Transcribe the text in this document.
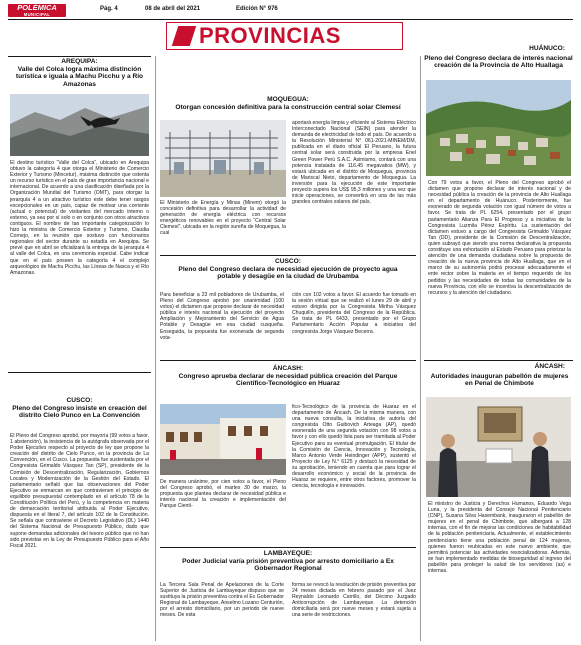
POLÉMICA
MUNICIPAL
Pág. 4	08 de abril del 2021	Edición N° 976
PROVINCIAS
AREQUIPA:
Valle del Colca logra máxima distinción turística e iguala a Machu Picchu y a Río Amazonas
El destino turístico “Valle del Colca”, ubicado en Arequipa obtuvo la categoría 4 que otorga el Ministerio de Comercio Exterior y Turismo (Mincetur), máxima distinción que ostenta un recurso turístico en el país de gran importancia nacional e internacional. De acuerdo a una clasificación diseñada por la Organización Mundial del Turismo (OMT), para otorgar la jerarquía 4 a un atractivo turístico este debe tener rasgos excepcionales en un país, capaz de motivar una corriente (actual o potencial) de visitantes del mercado interno o externo, ya sea por sí solo o en conjunto con otros atractivos contiguos. El nombre de tan importante categorización lo hizo la ministra de Comercio Exterior y Turismo, Claudia Cornejo, en la reunión que sostuvo con funcionarios regionales del sector durante su estadía en Arequipa. Se prevé que en abril se oficializará la entrega de la jerarquía 4 al valle del Colca, en una ceremonia especial. Cabe indicar que en el país poseen la categoría 4 el complejo arqueológico de Machu Picchu, las Líneas de Nasca y el Río Amazonas.
CUSCO:
Pleno del Congreso insiste en creación del distrito Cielo Punco en La Convención
El Pleno del Congreso aprobó, por mayoría (99 votos a favor, 1 abstención), la insistencia de la autógrafa observada por el Poder Ejecutivo respecto al proyecto de ley que propone la creación del distrito de Cielo Punco, en la provincia de La Convención, en el Cusco. La propuesta fue sustentada por el Congresista Grimaldo Vásquez Tan (SP), presidente de la Comisión de Descentralización, Regularización, Gobiernos Locales y Modernización de la Gestión del Estado. El parlamentario señaló que las observaciones del Poder Ejecutivo se enmarcan en que contravienen el principio de equilibrio presupuestal contemplado en el artículo 78 de la Constitución Política del Perú, y la competencia en materia de demarcación territorial atribuida al Poder Ejecutivo, dispuesta en el literal 7, del artículo 102 de la Constitución. Se señala que contraviene el Decreto Legislativo (DL) 1440 del Sistema Nacional de Presupuesto Público, dado que supone demandas adicionales del tesoro público que no han sido previstas en la Ley de Presupuesto Público para el Año Fiscal 2021.
MOQUEGUA:
Otorgan concesión definitiva para la construcción central solar Clemesí
El Ministerio de Energía y Minas (Minem) otorgó la concesión definitiva para desarrollar la actividad de generación de energía eléctrica con recursos energéticos renovables en el proyecto “Central Solar Clemesí”, ubicada en la región sureña de Moquegua, la cual
aportará energía limpia y eficiente al Sistema Eléctrico Interconectado Nacional (SEIN) para atender la demanda de electricidad de todo el país. De acuerdo a la Resolución Ministerial N° 061-2021-MINEM/DM, publicada en el diario oficial El Peruano, la futura central solar será construida por la empresa Enel Green Power Perú S.A.C. Asimismo, contará con una potencia instalada de 116.45 megavatios (MW), y estará ubicada en el distrito de Moquegua, provincia de Mariscal Nieto, departamento de Moquegua. La inversión para la ejecución de este importante proyecto supera los US$ 95,3 millones y una vez que inicie operaciones, se convertirá en una de las más grandes centrales solares del país.
CUSCO:
Pleno del Congreso declara de necesidad ejecución de proyecto agua potable y desagüe en la ciudad de Urubamba
Para beneficiar a 23 mil pobladores de Urubamba, el Pleno del Congreso aprobó por unanimidad (100 votos) el dictamen que propone declarar de necesidad pública e interés nacional la ejecución del proyecto Ampliación y Mejoramiento del Servicio de Agua Potable y Desagüe en esa ciudad cusqueña. Enseguida, la propuesta fue exonerada de segunda vota-
ción con 102 votos a favor. El acuerdo fue tomado en la sesión virtual que se realizó el lunes 29 de abril y estuvo dirigida por la Congresista Mirtha Vásquez Chuquilín, presidenta del Congreso de la República. Se trata de PL 6433, presentado por el Grupo Parlamentario Acción Popular a iniciativa del congresista Jorge Vásquez Becerra.
ÁNCASH:
Congreso aprueba declarar de necesidad pública creación del Parque Científico-Tecnológico en Huaraz
De manera unánime, por cien votos a favor, el Pleno del Congreso aprobó, el martes 30 de marzo, la propuesta que plantea declarar de necesidad pública e interés nacional la creación e implementación del Parque Cientí-
fico-Tecnológico de la provincia de Huaraz en el departamento de Áncash. De la misma manera, con una nueva consulta, la iniciativa de autoría del congresista Otto Guibovich Arteaga (AP), quedó exonerada de una segunda votación con 98 votos a favor y con ello quedó lista para ser tramitada al Poder Ejecutivo para su eventual promulgación. El titular de la Comisión de Ciencia, Innovación y Tecnología, Marco Antonio Verde Heindinger (APP), sustentó el Proyecto de Ley N.° 6125 y destacó la necesidad de su aprobación, teniendo en cuenta que para lograr el desarrollo económico y social de la provincia de Huaraz se requiere, entre otros factores, promover la ciencia, tecnología e innovación.
LAMBAYEQUE:
Poder Judicial varía prisión preventiva por arresto domiciliario a Ex Gobernador Regional
La Tercera Sala Penal de Apelaciones de la Corte Superior de Justicia de Lambayeque dispuso que se sustituya la prisión preventiva contra el Ex Gobernador Regional de Lambayeque, Anselmo Lozano Centurión, por el arresto domiciliario, por un periodo de nueve meses. De esta
forma se revocó la resolución de prisión preventiva por 24 meses dictada en febrero pasado por el Juez Reynaldo Leonardo Carrillo, del Décimo Juzgado Anticorrupción de Lambayeque. La detención domiciliaria será por nueve meses y estará sujeta a una serie de restricciones.
HUÁNUCO:
Pleno del Congreso declara de interés nacional creación de la Provincia de Alto Huallaga
Con 79 votos a favor, el Pleno del Congreso aprobó el dictamen que propone declarar de interés nacional y de necesidad pública la creación de la provincia de Alto Huallaga en el departamento de Huánuco. Posteriormente, fue exonerado de segunda votación con igual número de votos a favor. Se trata de PL 6254, presentado por el grupo parlamentario Alianza Para El Progreso y a iniciativa de la Congresista Luzmila Pérez Espíritu. La sustentación del dictamen estuvo a cargo del Congresista Grimaldo Vásquez Tan (DD), presidente de la Comisión de Descentralización, quien subrayó que siendo una norma declarativa la propuesta constituye una exhortación al Estado Peruano para priorizar la atención de una demanda ciudadana sobre la propuesta de creación de la nueva provincia de Alto Huallaga, que en el marco de su autonomía podrá procesar adecuadamente el ente rector sobre la materia en el tiempo requerido de los pedidos y las necesidades de todas las comunidades de la nueva Provincia, con ello se incentiva la descentralización de recursos y la atención del ciudadano.
ÁNCASH:
Autoridades inauguran pabellón de mujeres en Penal de Chimbote
El ministro de Justicia y Derechos Humanos, Eduardo Vega Luna, y la presidenta del Consejo Nacional Penitenciario (CNP), Susana Silva Hasembank, inauguraron el pabellón de mujeres en el penal de Chimbote, que albergará a 128 internas, con el fin de mejorar las condiciones de habitabilidad de la población penitenciaria. Actualmente, el establecimiento penitenciario tiene una población penal de 124 mujeres, quienes fueron reubicadas en este nuevo ambiente, que permitirá potenciar las actividades resocializadoras. Además, se han implementado medidas de bioseguridad al ingreso del pabellón para proteger la salud de los servidores (as) e internas.
